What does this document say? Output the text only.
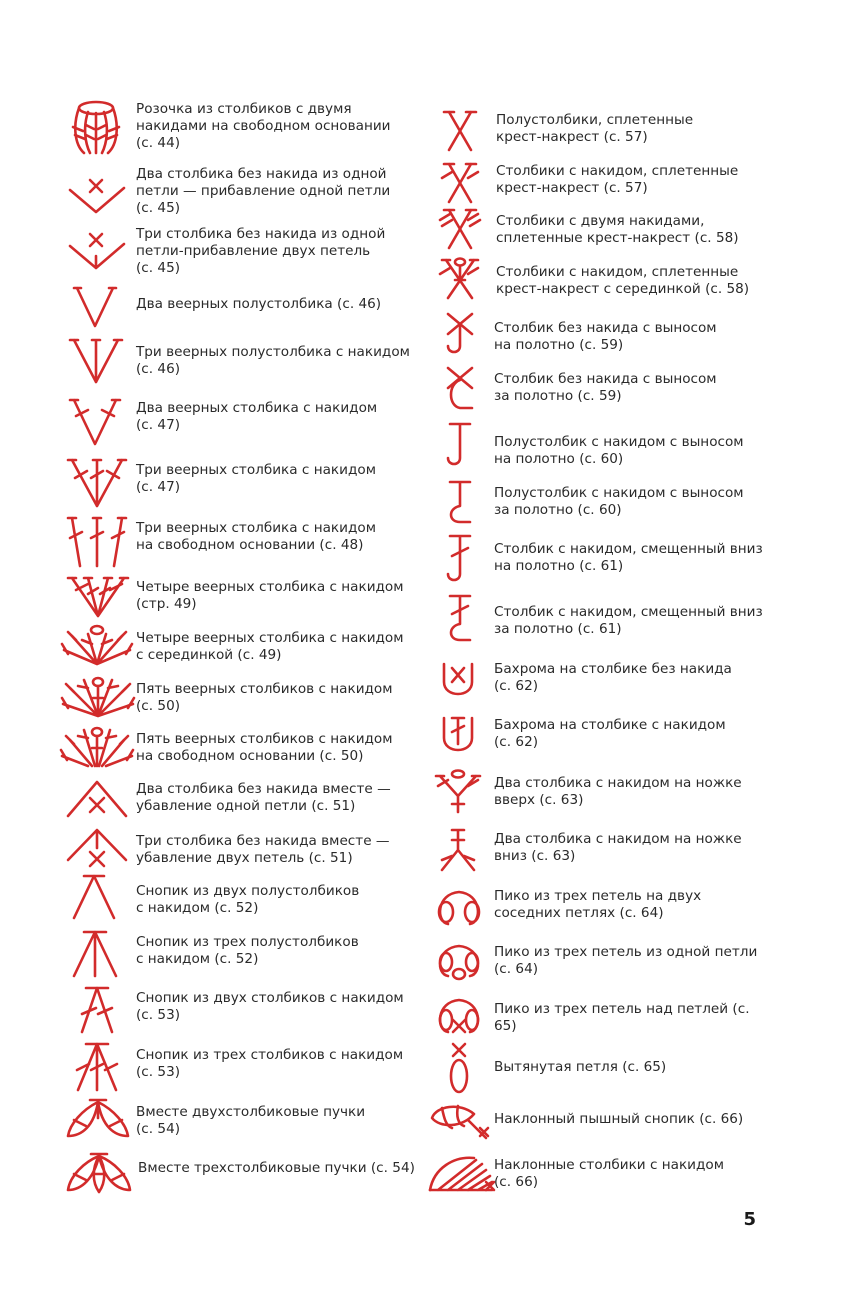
Розочка из столбиков с двумя
накидами на свободном основании
(с. 44)
Два столбика без накида из одной
петли — прибавление одной петли
(с. 45)
Три столбика без накида из одной
петли-прибавление двух петель
(с. 45)
Два веерных полустолбика (с. 46)
Три веерных полустолбика с накидом
(с. 46)
Два веерных столбика с накидом
(с. 47)
Три веерных столбика с накидом
(с. 47)
Три веерных столбика с накидом
на свободном основании (с. 48)
Четыре веерных столбика с накидом
(стр. 49)
Четыре веерных столбика с накидом
с серединкой (с. 49)
Пять веерных столбиков с накидом
(с. 50)
Пять веерных столбиков с накидом
на свободном основании (с. 50)
Два столбика без накида вместе —
убавление одной петли (с. 51)
Три столбика без накида вместе —
убавление двух петель (с. 51)
Снопик из двух полустолбиков
с накидом (с. 52)
Снопик из трех полустолбиков
с накидом (с. 52)
Снопик из двух столбиков с накидом
(с. 53)
Снопик из трех столбиков с накидом
(с. 53)
Вместе двухстолбиковые пучки
(с. 54)
Вместе трехстолбиковые пучки (с. 54)
Полустолбики, сплетенные
крест-накрест (с. 57)
Столбики с накидом, сплетенные
крест-накрест (с. 57)
Столбики с двумя накидами,
сплетенные крест-накрест (с. 58)
Столбики с накидом, сплетенные
крест-накрест с серединкой (с. 58)
Столбик без накида с выносом
на полотно (с. 59)
Столбик без накида с выносом
за полотно (с. 59)
Полустолбик с накидом с выносом
на полотно (с. 60)
Полустолбик с накидом с выносом
за полотно (с. 60)
Столбик с накидом, смещенный вниз
на полотно (с. 61)
Столбик с накидом, смещенный вниз
за полотно (с. 61)
Бахрома на столбике без накида
(с. 62)
Бахрома на столбике с накидом
(с. 62)
Два столбика с накидом на ножке
вверх (с. 63)
Два столбика с накидом на ножке
вниз (с. 63)
Пико из трех петель на двух
соседних петлях (с. 64)
Пико из трех петель из одной петли
(с. 64)
Пико из трех петель над петлей (с.
65)
Вытянутая петля (с. 65)
Наклонный пышный снопик (с. 66)
Наклонные столбики с накидом
(с. 66)
5
